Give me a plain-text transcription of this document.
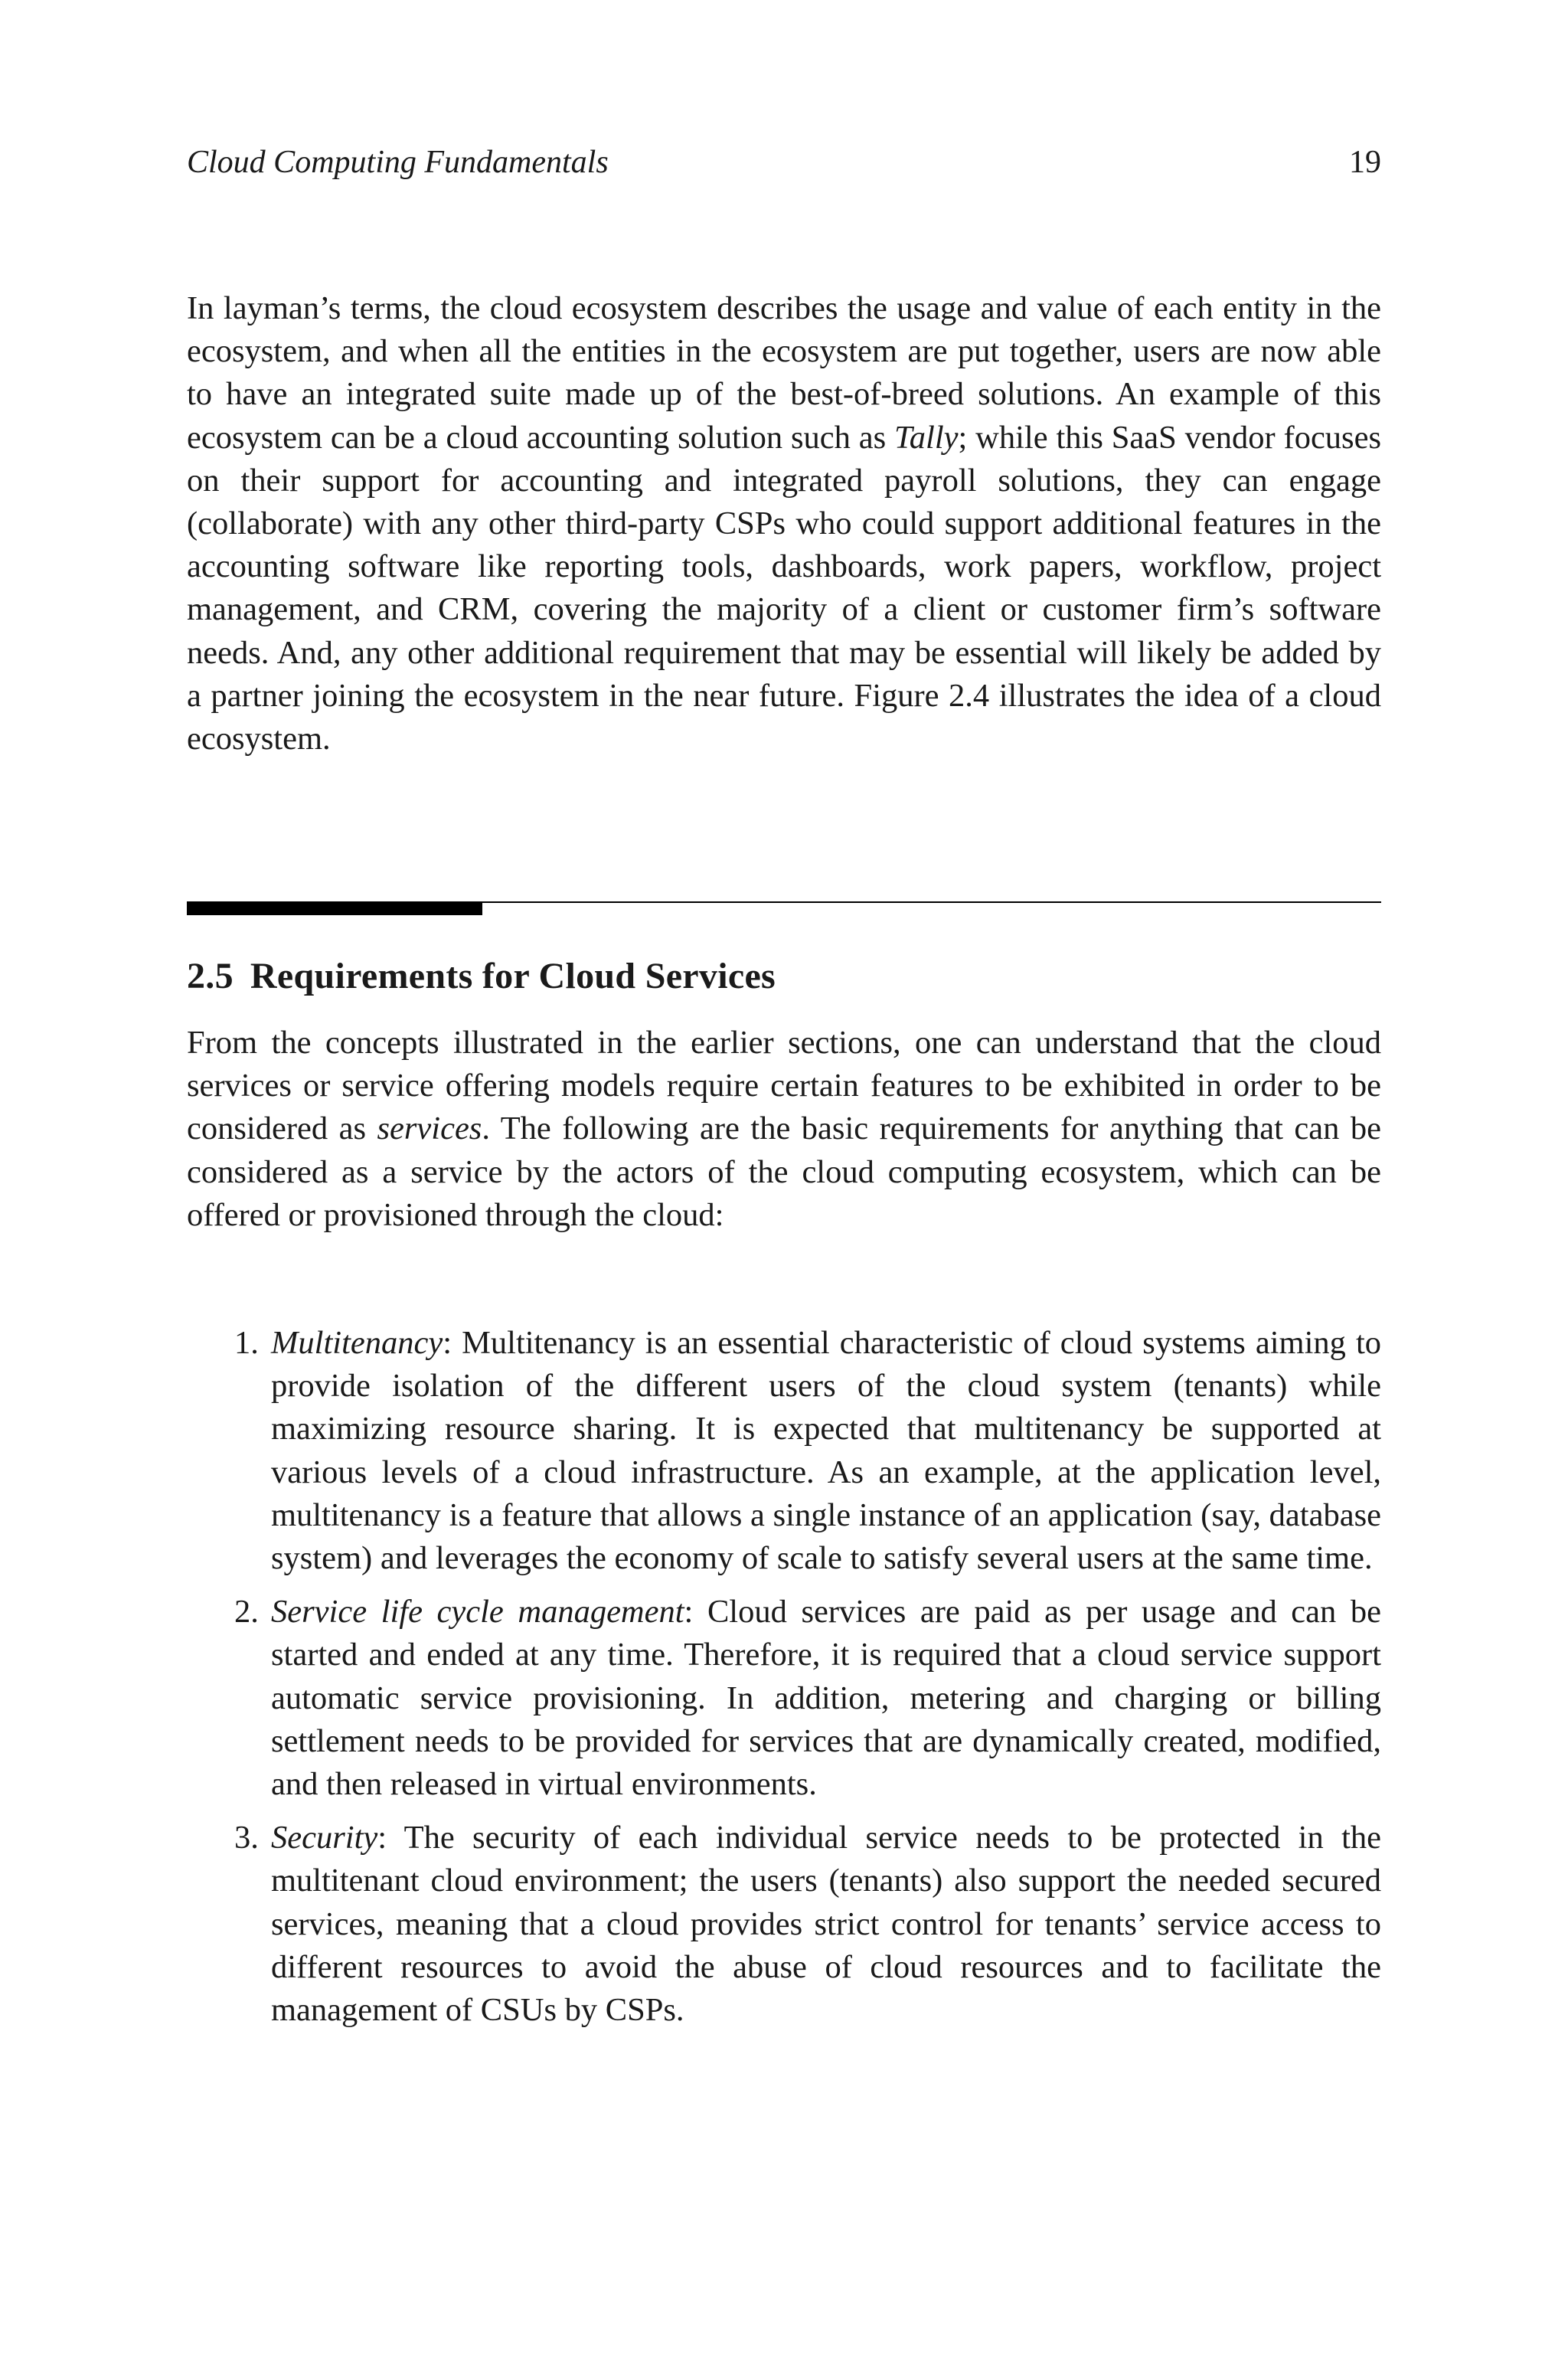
Cloud Computing Fundamentals	19

In layman’s terms, the cloud ecosystem describes the usage and value of each entity in the ecosystem, and when all the entities in the ecosystem are put together, users are now able to have an integrated suite made up of the best-of-breed solutions. An example of this ecosystem can be a cloud accounting solution such as Tally; while this SaaS vendor focuses on their support for accounting and integrated payroll solutions, they can engage (collaborate) with any other third-party CSPs who could support additional features in the accounting software like reporting tools, dashboards, work papers, workflow, project management, and CRM, covering the majority of a client or customer firm’s software needs. And, any other additional requirement that may be essential will likely be added by a partner joining the ecosystem in the near future. Figure 2.4 illustrates the idea of a cloud ecosystem.

2.5 Requirements for Cloud Services

From the concepts illustrated in the earlier sections, one can understand that the cloud services or service offering models require certain features to be exhibited in order to be considered as services. The following are the basic requirements for anything that can be considered as a service by the actors of the cloud computing ecosystem, which can be offered or provisioned through the cloud:

1. Multitenancy: Multitenancy is an essential characteristic of cloud systems aiming to provide isolation of the different users of the cloud system (tenants) while maximizing resource sharing. It is expected that multitenancy be supported at various levels of a cloud infrastructure. As an example, at the application level, multitenancy is a feature that allows a single instance of an application (say, database system) and leverages the economy of scale to satisfy several users at the same time.
2. Service life cycle management: Cloud services are paid as per usage and can be started and ended at any time. Therefore, it is required that a cloud service support automatic service provisioning. In addition, metering and charging or billing settlement needs to be provided for services that are dynamically created, modified, and then released in virtual environments.
3. Security: The security of each individual service needs to be protected in the multitenant cloud environment; the users (tenants) also support the needed secured services, meaning that a cloud provides strict control for tenants’ service access to different resources to avoid the abuse of cloud resources and to facilitate the management of CSUs by CSPs.
